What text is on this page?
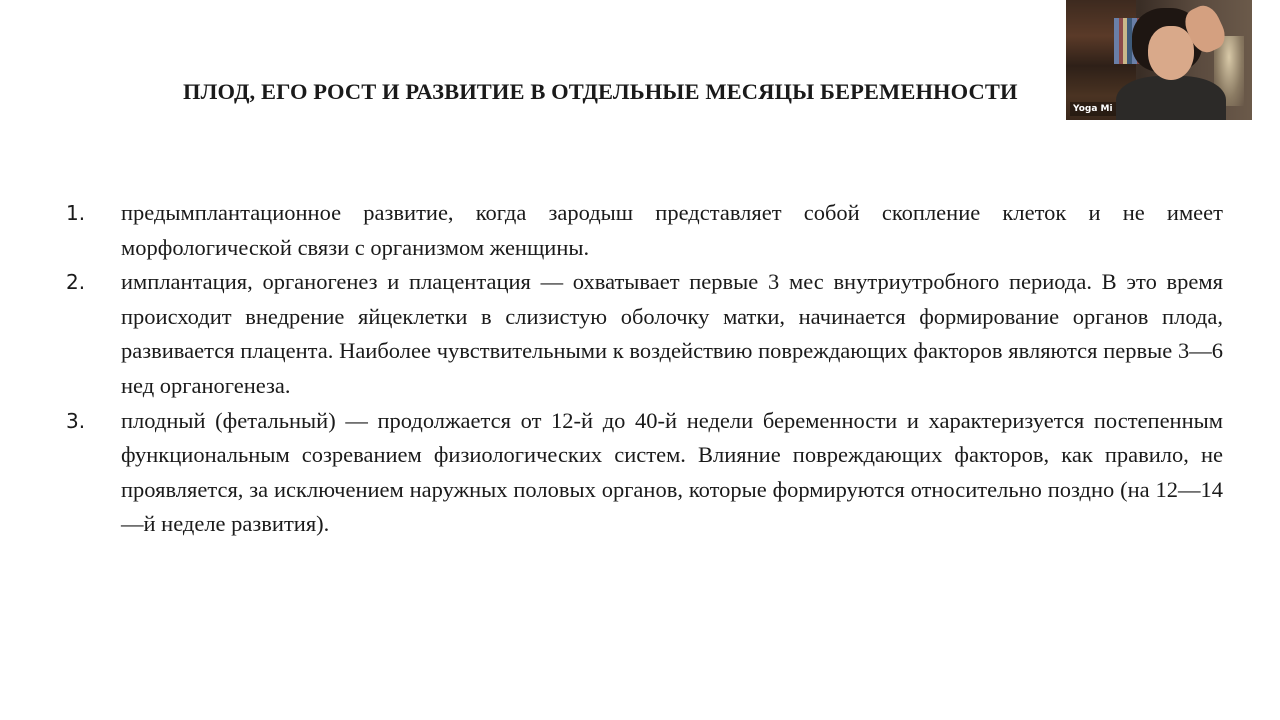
ПЛОД, ЕГО РОСТ И РАЗВИТИЕ В ОТДЕЛЬНЫЕ МЕСЯЦЫ БЕРЕМЕННОСТИ
1.	предымплантационное развитие, когда зародыш представляет собой скопление клеток и не имеет морфологической связи с организмом женщины.
2.	имплантация, органогенез и плацентация — охватывает первые 3 мес внутриутробного периода. В это время происходит внедрение яйцеклетки в слизистую оболочку матки, начинается формирование органов плода, развивается плацента. Наиболее чувствительными к воздействию повреждающих факторов являются первые 3—6 нед органогенеза.
3.	плодный (фетальный) — продолжается от 12-й до 40-й недели беременности и характеризуется постепенным функциональным созреванием физиологических систем. Влияние повреждающих факторов, как правило, не проявляется, за исключением наружных половых органов, которые формируются относительно поздно (на 12—14—й неделе развития).
Yoga Mi
